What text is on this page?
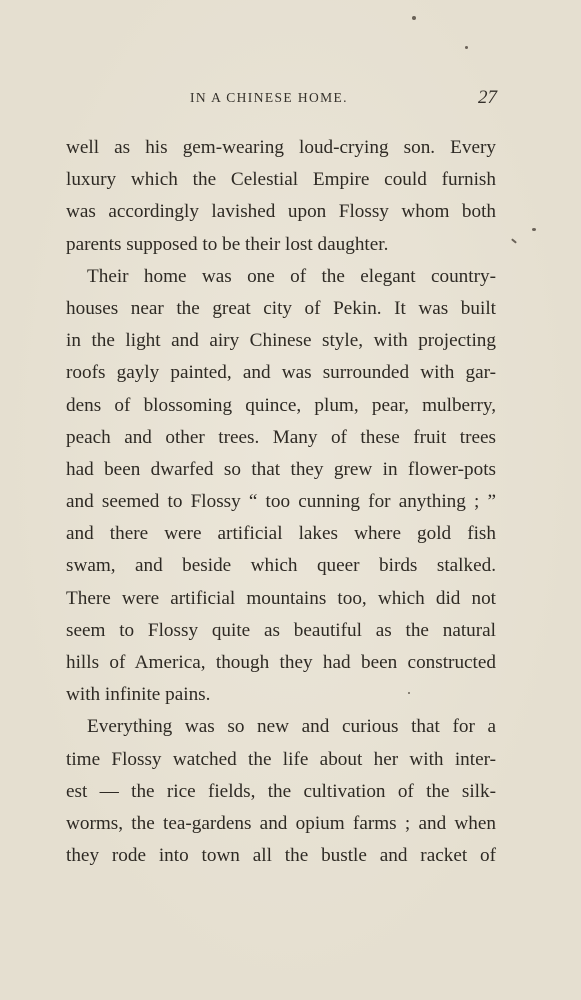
IN A CHINESE HOME.	27
well as his gem-wearing loud-crying son. Every
luxury which the Celestial Empire could furnish
was accordingly lavished upon Flossy whom both
parents supposed to be their lost daughter.
Their home was one of the elegant country-
houses near the great city of Pekin. It was built
in the light and airy Chinese style, with projecting
roofs gayly painted, and was surrounded with gar-
dens of blossoming quince, plum, pear, mulberry,
peach and other trees. Many of these fruit trees
had been dwarfed so that they grew in flower-pots
and seemed to Flossy “ too cunning for anything ; ”
and there were artificial lakes where gold fish
swam, and beside which queer birds stalked.
There were artificial mountains too, which did not
seem to Flossy quite as beautiful as the natural
hills of America, though they had been constructed
with infinite pains.
Everything was so new and curious that for a
time Flossy watched the life about her with inter-
est — the rice fields, the cultivation of the silk-
worms, the tea-gardens and opium farms ; and when
they rode into town all the bustle and racket of
